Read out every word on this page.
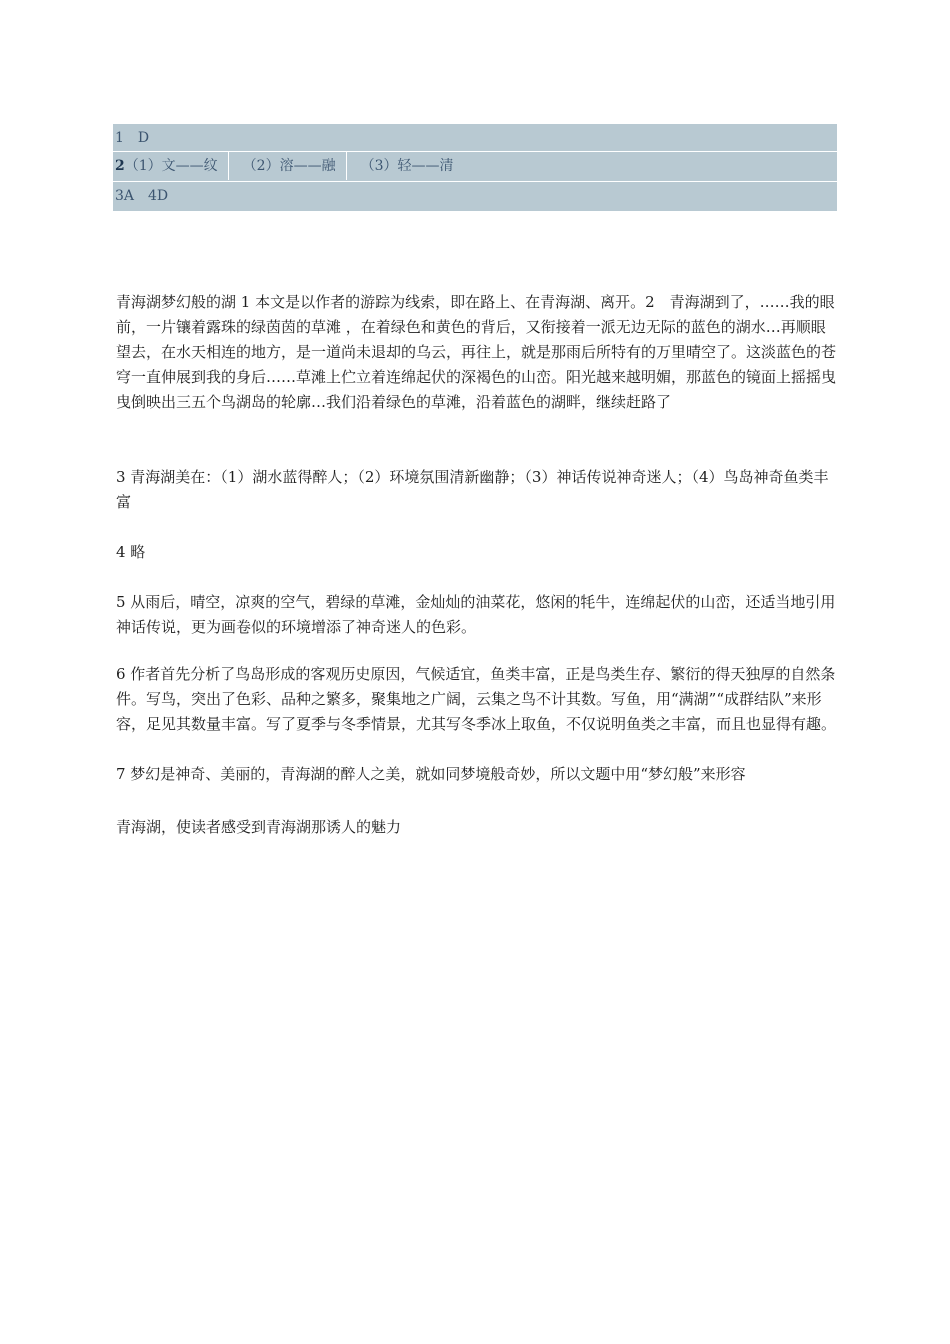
1　D
2（1）文——纹 （2）溶——融 （3）轻——清
3A　4D

青海湖梦幻般的湖 1 本文是以作者的游踪为线索，即在路上、在青海湖、离开。2　青海湖到了，……我的眼前，一片镶着露珠的绿茵茵的草滩 ，在着绿色和黄色的背后，又衔接着一派无边无际的蓝色的湖水…再顺眼望去，在水天相连的地方，是一道尚未退却的乌云，再往上，就是那雨后所特有的万里晴空了。这淡蓝色的苍穹一直伸展到我的身后……草滩上伫立着连绵起伏的深褐色的山峦。阳光越来越明媚，那蓝色的镜面上摇摇曳曳倒映出三五个鸟湖岛的轮廓…我们沿着绿色的草滩，沿着蓝色的湖畔，继续赶路了

3 青海湖美在：（1）湖水蓝得醉人；（2）环境氛围清新幽静；（3）神话传说神奇迷人；（4）鸟岛神奇鱼类丰富

4 略

5 从雨后，晴空，凉爽的空气，碧绿的草滩，金灿灿的油菜花，悠闲的牦牛，连绵起伏的山峦，还适当地引用神话传说，更为画卷似的环境增添了神奇迷人的色彩。

6 作者首先分析了鸟岛形成的客观历史原因，气候适宜，鱼类丰富，正是鸟类生存、繁衍的得天独厚的自然条件。写鸟，突出了色彩、品种之繁多，聚集地之广阔，云集之鸟不计其数。写鱼，用“满湖”“成群结队”来形容，足见其数量丰富。写了夏季与冬季情景，尤其写冬季冰上取鱼，不仅说明鱼类之丰富，而且也显得有趣。

7 梦幻是神奇、美丽的，青海湖的醉人之美，就如同梦境般奇妙，所以文题中用“梦幻般”来形容

青海湖，使读者感受到青海湖那诱人的魅力
